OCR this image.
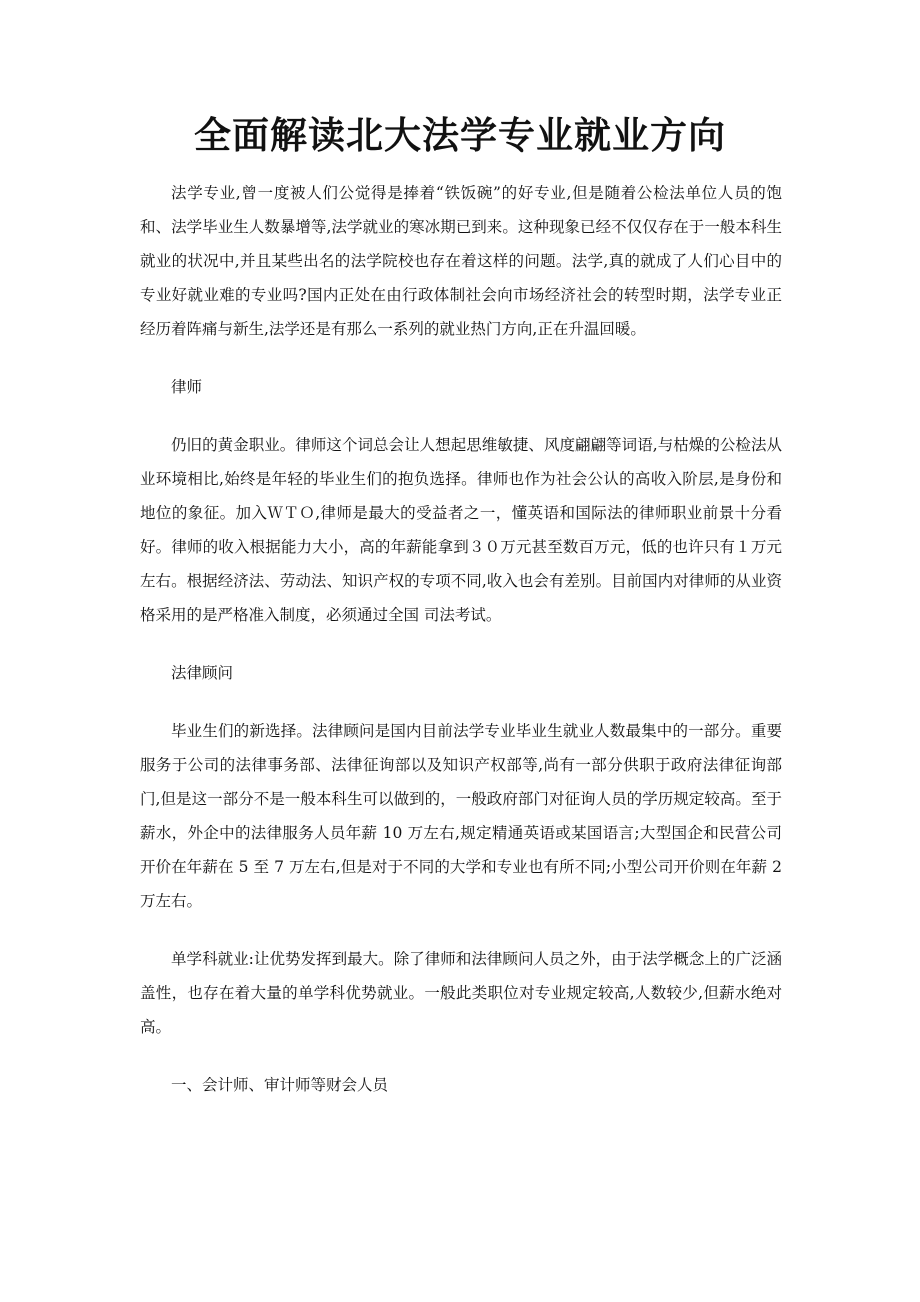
全面解读北大法学专业就业方向

法学专业,曾一度被人们公觉得是捧着“铁饭碗”的好专业,但是随着公检法单位人员的饱和、法学毕业生人数暴增等,法学就业的寒冰期已到来。这种现象已经不仅仅存在于一般本科生就业的状况中,并且某些出名的法学院校也存在着这样的问题。法学,真的就成了人们心目中的专业好就业难的专业吗?国内正处在由行政体制社会向市场经济社会的转型时期，法学专业正经历着阵痛与新生,法学还是有那么一系列的就业热门方向,正在升温回暖。

律师

仍旧的黄金职业。律师这个词总会让人想起思维敏捷、风度翩翩等词语,与枯燥的公检法从业环境相比,始终是年轻的毕业生们的抱负选择。律师也作为社会公认的高收入阶层,是身份和地位的象征。加入ＷＴＯ,律师是最大的受益者之一，懂英语和国际法的律师职业前景十分看好。律师的收入根据能力大小，高的年薪能拿到３０万元甚至数百万元，低的也许只有１万元左右。根据经济法、劳动法、知识产权的专项不同,收入也会有差别。目前国内对律师的从业资格采用的是严格准入制度，必须通过全国 司法考试。

法律顾问

毕业生们的新选择。法律顾问是国内目前法学专业毕业生就业人数最集中的一部分。重要服务于公司的法律事务部、法律征询部以及知识产权部等,尚有一部分供职于政府法律征询部门,但是这一部分不是一般本科生可以做到的，一般政府部门对征询人员的学历规定较高。至于薪水，外企中的法律服务人员年薪 10 万左右,规定精通英语或某国语言;大型国企和民营公司开价在年薪在 5 至 7 万左右,但是对于不同的大学和专业也有所不同;小型公司开价则在年薪 2 万左右。

单学科就业:让优势发挥到最大。除了律师和法律顾问人员之外，由于法学概念上的广泛涵盖性，也存在着大量的单学科优势就业。一般此类职位对专业规定较高,人数较少,但薪水绝对高。

一、会计师、审计师等财会人员
